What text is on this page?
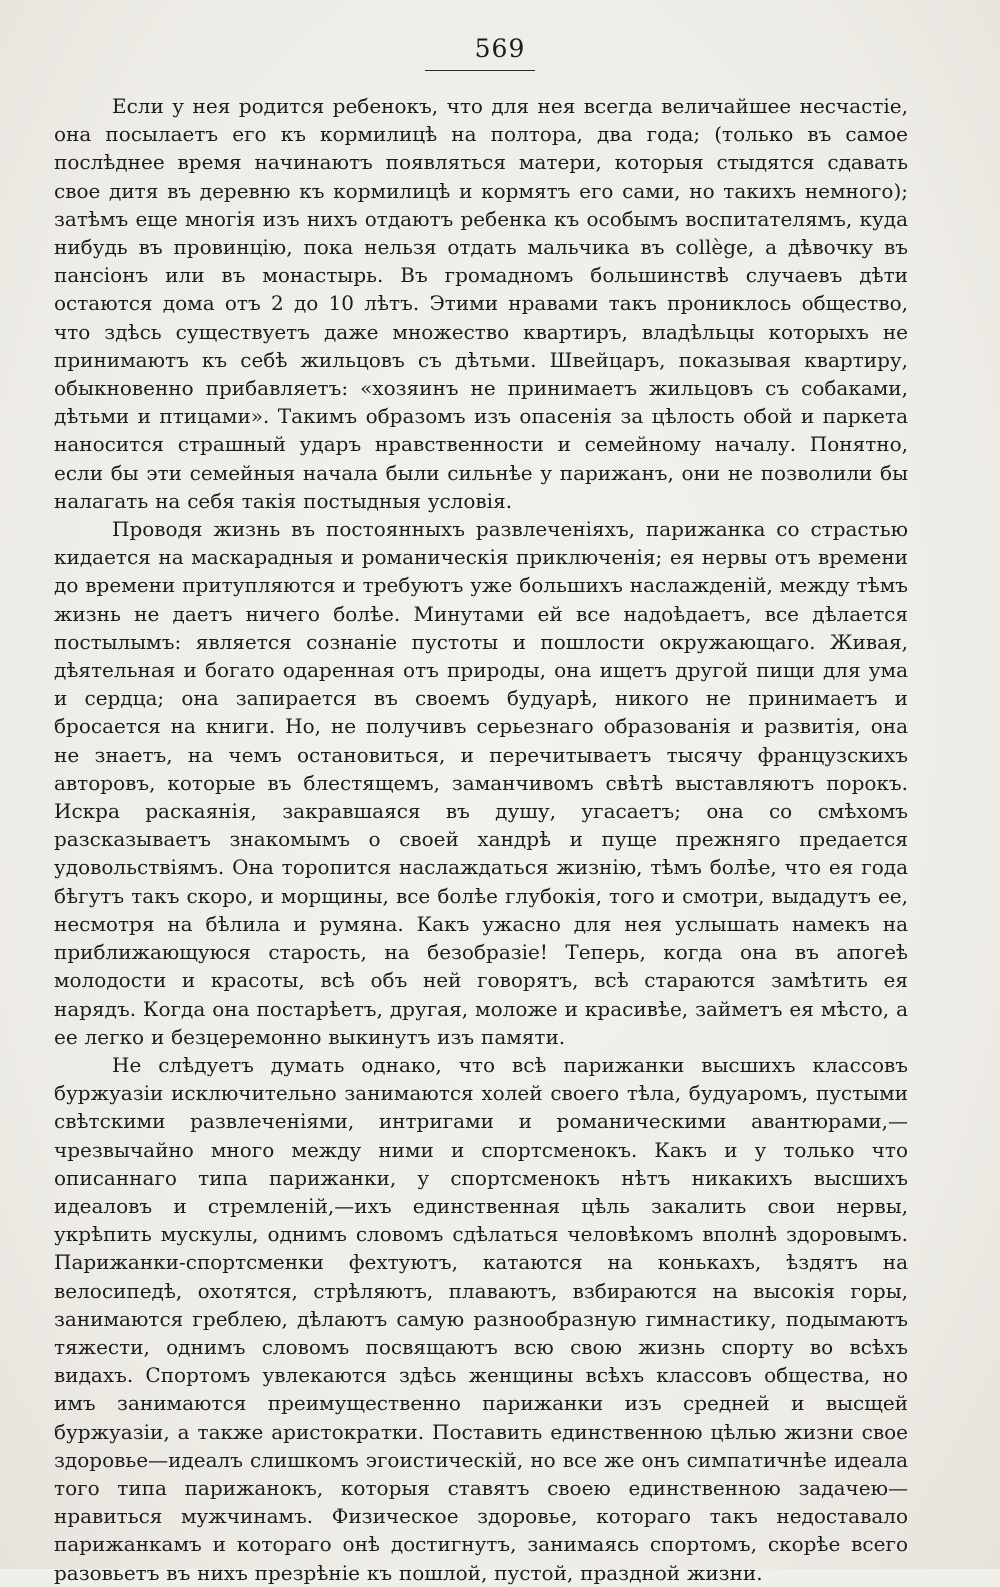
569

Если у нея родится ребенокъ, что для нея всегда величайшее несчастіе, она посылаетъ его къ кормилицѣ на полтора, два года; (только въ самое послѣднее время начинаютъ появляться матери, которыя стыдятся сдавать свое дитя въ деревню къ кормилицѣ и кормятъ его сами, но такихъ немного); затѣмъ еще многія изъ нихъ отдаютъ ребенка къ особымъ воспитателямъ, куда нибудь въ провинцію, пока нельзя отдать мальчика въ collège, а дѣвочку въ пансіонъ или въ монастырь. Въ громадномъ большинствѣ случаевъ дѣти остаются дома отъ 2 до 10 лѣтъ. Этими нравами такъ прониклось общество, что здѣсь существуетъ даже множество квартиръ, владѣльцы которыхъ не принимаютъ къ себѣ жильцовъ съ дѣтьми. Швейцаръ, показывая квартиру, обыкновенно прибавляетъ: «хозяинъ не принимаетъ жильцовъ съ собаками, дѣтьми и птицами». Такимъ образомъ изъ опасенія за цѣлость обой и паркета наносится страшный ударъ нравственности и семейному началу. Понятно, если бы эти семейныя начала были сильнѣе у парижанъ, они не позволили бы налагать на себя такія постыдныя условія.

Проводя жизнь въ постоянныхъ развлеченіяхъ, парижанка со страстью кидается на маскарадныя и романическія приключенія; ея нервы отъ времени до времени притупляются и требуютъ уже большихъ наслажденій, между тѣмъ жизнь не даетъ ничего болѣе. Минутами ей все надоѣдаетъ, все дѣлается постылымъ: является сознаніе пустоты и пошлости окружающаго. Живая, дѣятельная и богато одаренная отъ природы, она ищетъ другой пищи для ума и сердца; она запирается въ своемъ будуарѣ, никого не принимаетъ и бросается на книги. Но, не получивъ серьезнаго образованія и развитія, она не знаетъ, на чемъ остановиться, и перечитываетъ тысячу французскихъ авторовъ, которые въ блестящемъ, заманчивомъ свѣтѣ выставляютъ порокъ. Искра раскаянія, закравшаяся въ душу, угасаетъ; она со смѣхомъ разсказываетъ знакомымъ о своей хандрѣ и пуще прежняго предается удовольствіямъ. Она торопится наслаждаться жизнію, тѣмъ болѣе, что ея года бѣгутъ такъ скоро, и морщины, все болѣе глубокія, того и смотри, выдадутъ ее, несмотря на бѣлила и румяна. Какъ ужасно для нея услышать намекъ на приближающуюся старость, на безобразіе! Теперь, когда она въ апогеѣ молодости и красоты, всѣ объ ней говорятъ, всѣ стараются замѣтить ея нарядъ. Когда она постарѣетъ, другая, моложе и красивѣе, займетъ ея мѣсто, а ее легко и безцеремонно выкинутъ изъ памяти.

Не слѣдуетъ думать однако, что всѣ парижанки высшихъ классовъ буржуазіи исключительно занимаются холей своего тѣла, будуаромъ, пустыми свѣтскими развлеченіями, интригами и романическими авантюрами,—чрезвычайно много между ними и спортсменокъ. Какъ и у только что описаннаго типа парижанки, у спортсменокъ нѣтъ никакихъ высшихъ идеаловъ и стремленій,—ихъ единственная цѣль закалить свои нервы, укрѣпить мускулы, однимъ словомъ сдѣлаться человѣкомъ вполнѣ здоровымъ. Парижанки-спортсменки фехтуютъ, катаются на конькахъ, ѣздятъ на велосипедѣ, охотятся, стрѣляютъ, плаваютъ, взбираются на высокія горы, занимаются греблею, дѣлаютъ самую разнообразную гимнастику, подымаютъ тяжести, однимъ словомъ посвящаютъ всю свою жизнь спорту во всѣхъ видахъ. Спортомъ увлекаются здѣсь женщины всѣхъ классовъ общества, но имъ занимаются преимущественно парижанки изъ средней и высщей буржуазіи, а также аристократки. Поставить единственною цѣлью жизни свое здоровье—идеалъ слишкомъ эгоистическій, но все же онъ симпатичнѣе идеала того типа парижанокъ, которыя ставятъ своею единственною задачею—нравиться мужчинамъ. Физическое здоровье, котораго такъ недоставало парижанкамъ и котораго онѣ достигнутъ, занимаясь спортомъ, скорѣе всего разовьетъ въ нихъ презрѣніе къ пошлой, пустой, праздной жизни.
